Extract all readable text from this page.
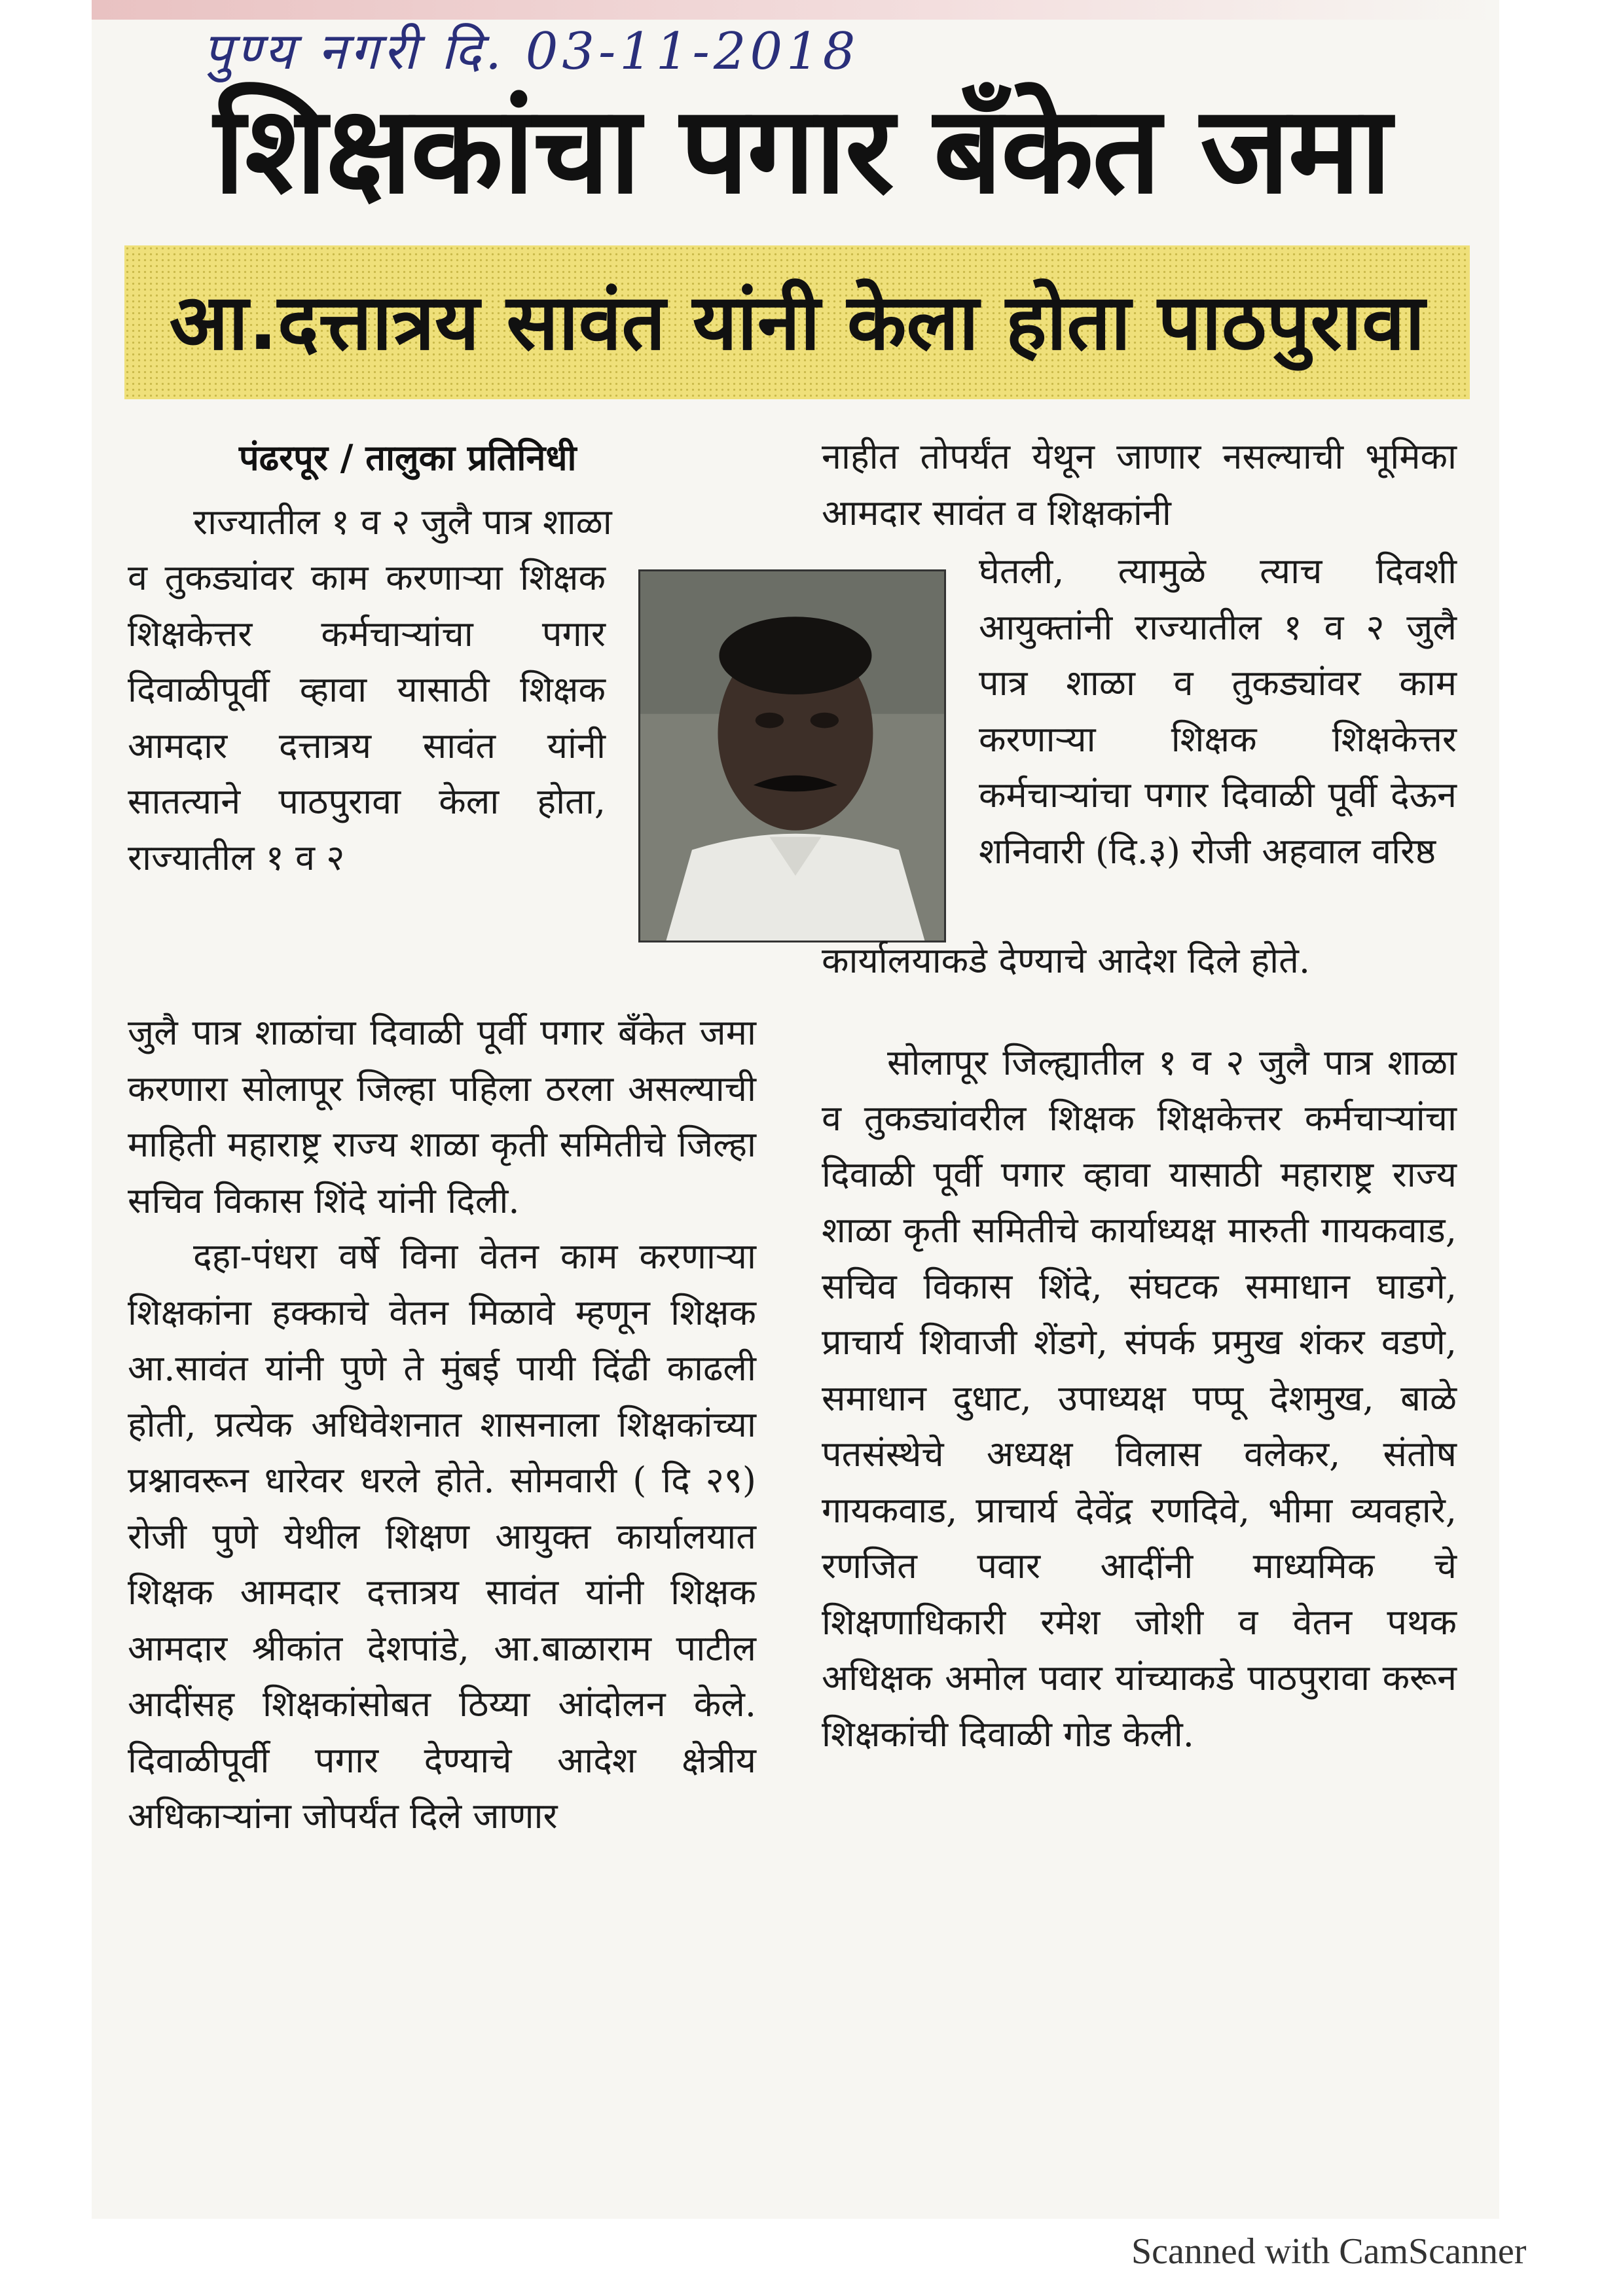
पुण्य नगरी दि. 03-11-2018
शिक्षकांचा पगार बँकेत जमा
आ.दत्तात्रय सावंत यांनी केला होता पाठपुरावा
पंढरपूर / तालुका प्रतिनिधी
राज्यातील १ व २ जुलै पात्र शाळा
व तुकड्यांवर काम करणाऱ्या शिक्षक शिक्षकेत्तर कर्मचाऱ्यांचा पगार दिवाळीपूर्वी व्हावा यासाठी शिक्षक आमदार दत्तात्रय सावंत यांनी सातत्याने पाठपुरावा केला होता, राज्यातील १ व २

जुलै पात्र शाळांचा दिवाळी पूर्वी पगार बँकेत जमा करणारा सोलापूर जिल्हा पहिला ठरला असल्याची माहिती महाराष्ट्र राज्य शाळा कृती समितीचे जिल्हा सचिव विकास शिंदे यांनी दिली.

दहा-पंधरा वर्षे विना वेतन काम करणाऱ्या शिक्षकांना हक्काचे वेतन मिळावे म्हणून शिक्षक आ.सावंत यांनी पुणे ते मुंबई पायी दिंढी काढली होती, प्रत्येक अधिवेशनात शासनाला शिक्षकांच्या प्रश्नावरून धारेवर धरले होते. सोमवारी ( दि २९) रोजी पुणे येथील शिक्षण आयुक्त कार्यालयात शिक्षक आमदार दत्तात्रय सावंत यांनी शिक्षक आमदार श्रीकांत देशपांडे, आ.बाळाराम पाटील आदींसह शिक्षकांसोबत ठिय्या आंदोलन केले. दिवाळीपूर्वी पगार देण्याचे आदेश क्षेत्रीय अधिकाऱ्यांना जोपर्यंत दिले जाणार

नाहीत तोपर्यंत येथून जाणार नसल्याची भूमिका आमदार सावंत व शिक्षकांनी
घेतली, त्यामुळे त्याच दिवशी आयुक्तांनी राज्यातील १ व २ जुलै पात्र शाळा व तुकड्यांवर काम करणाऱ्या शिक्षक शिक्षकेत्तर कर्मचाऱ्यांचा पगार दिवाळी पूर्वी देऊन शनिवारी (दि.३) रोजी अहवाल वरिष्ठ

कार्यालयाकडे देण्याचे आदेश दिले होते.

सोलापूर जिल्ह्यातील १ व २ जुलै पात्र शाळा व तुकड्यांवरील शिक्षक शिक्षकेत्तर कर्मचाऱ्यांचा दिवाळी पूर्वी पगार व्हावा यासाठी महाराष्ट्र राज्य शाळा कृती समितीचे कार्याध्यक्ष मारुती गायकवाड, सचिव विकास शिंदे, संघटक समाधान घाडगे, प्राचार्य शिवाजी शेंडगे, संपर्क प्रमुख शंकर वडणे, समाधान दुधाट, उपाध्यक्ष पप्पू देशमुख, बाळे पतसंस्थेचे अध्यक्ष विलास वलेकर, संतोष गायकवाड, प्राचार्य देवेंद्र रणदिवे, भीमा व्यवहारे, रणजित पवार आदींनी माध्यमिक चे शिक्षणाधिकारी रमेश जोशी व वेतन पथक अधिक्षक अमोल पवार यांच्याकडे पाठपुरावा करून शिक्षकांची दिवाळी गोड केली.

Scanned with CamScanner
